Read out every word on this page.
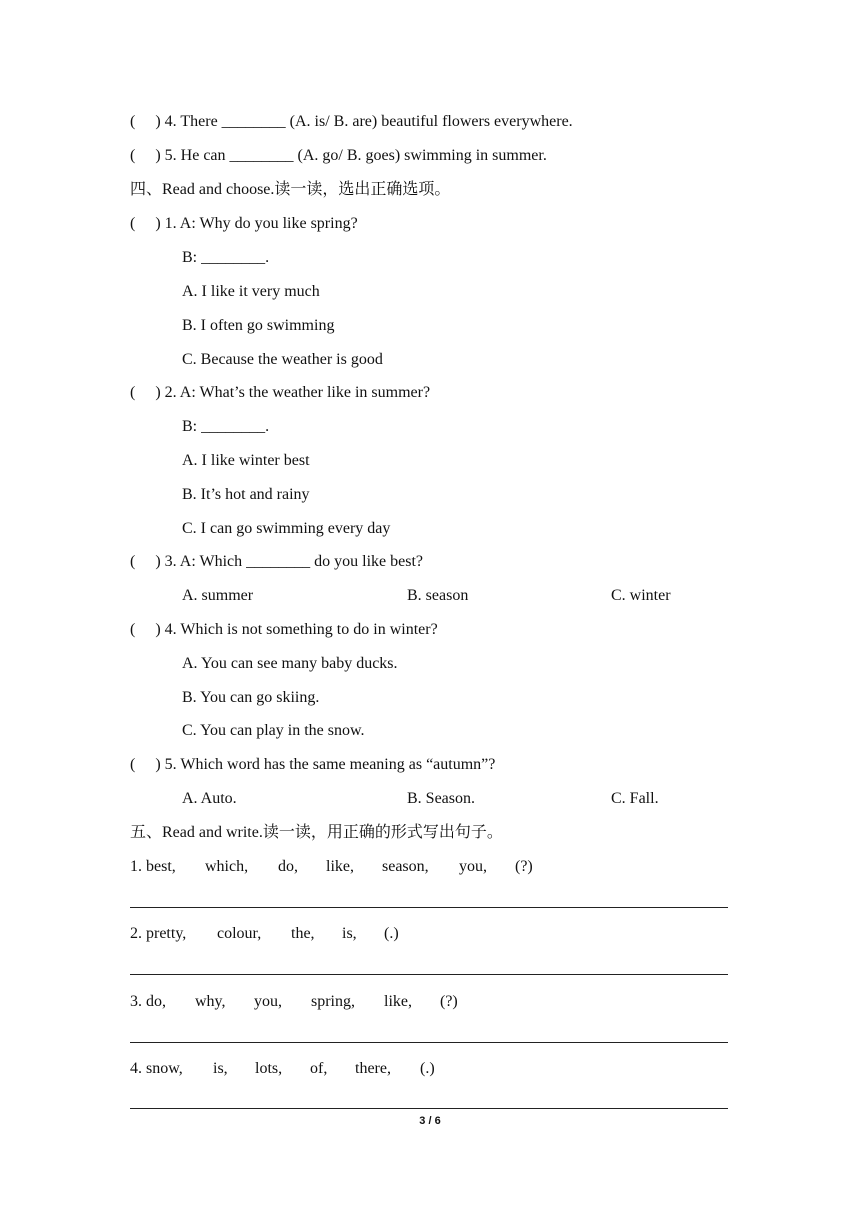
(     ) 4. There ________ (A. is/ B. are) beautiful flowers everywhere.
(     ) 5. He can ________ (A. go/ B. goes) swimming in summer.
四、Read and choose.读一读，选出正确选项。
(     ) 1. A: Why do you like spring?
B: ________.
A. I like it very much
B. I often go swimming
C. Because the weather is good
(     ) 2. A: What’s the weather like in summer?
B: ________.
A. I like winter best
B. It’s hot and rainy
C. I can go swimming every day
(     ) 3. A: Which ________ do you like best?
A. summer	B. season	C. winter
(     ) 4. Which is not something to do in winter?
A. You can see many baby ducks.
B. You can go skiing.
C. You can play in the snow.
(     ) 5. Which word has the same meaning as “autumn”?
A. Auto.	B. Season.	C. Fall.
五、Read and write.读一读，用正确的形式写出句子。
1. best, which, do, like, season, you, (?)
2. pretty, colour, the, is, (.)
3. do, why, you, spring, like, (?)
4. snow, is, lots, of, there, (.)
3 / 6
